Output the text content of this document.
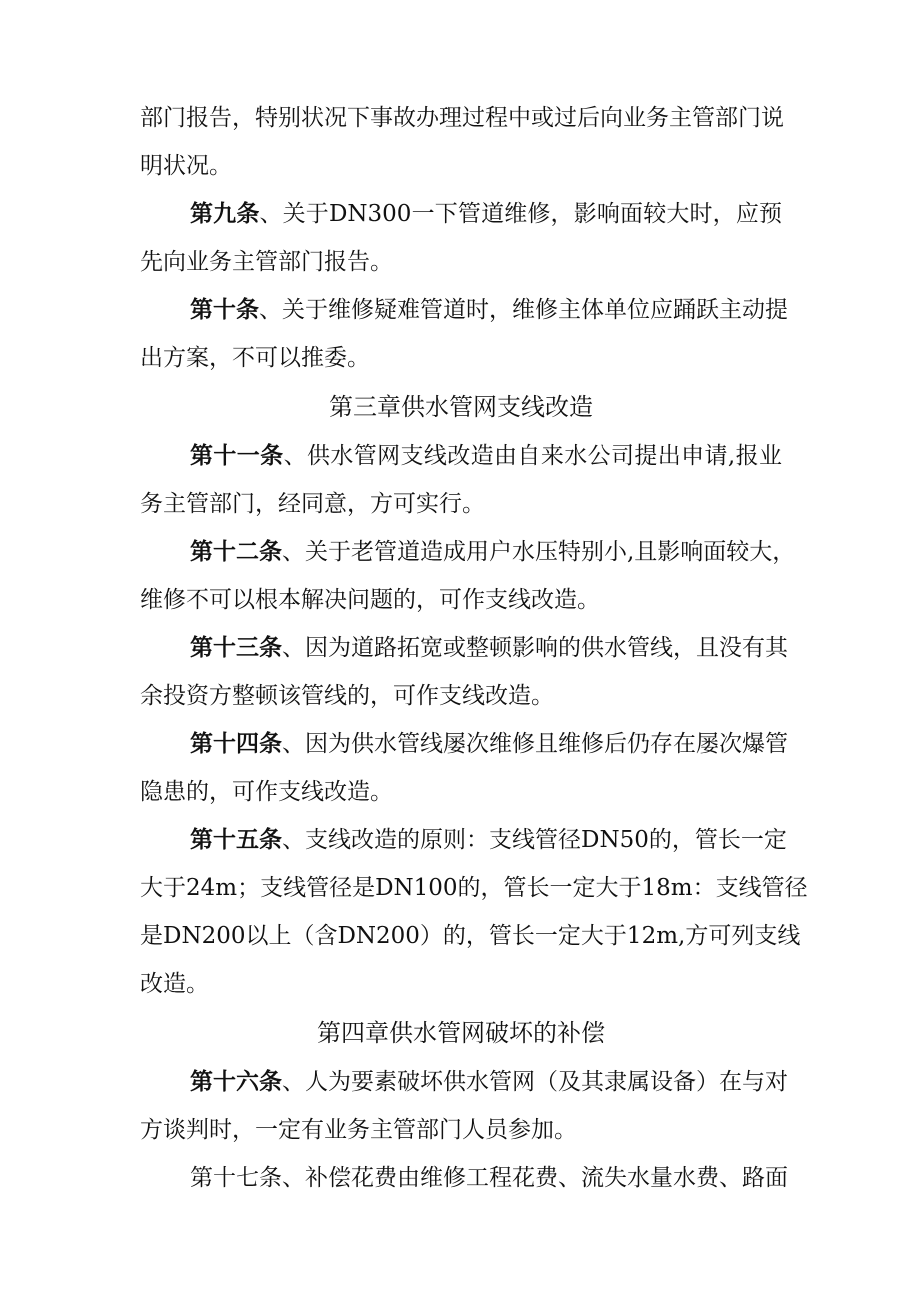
部门报告，特别状况下事故办理过程中或过后向业务主管部门说
明状况。
第九条、关于DN300一下管道维修，影响面较大时，应预
先向业务主管部门报告。
第十条、关于维修疑难管道时，维修主体单位应踊跃主动提
出方案，不可以推委。
第三章供水管网支线改造
第十一条、供水管网支线改造由自来水公司提出申请,报业
务主管部门，经同意，方可实行。
第十二条、关于老管道造成用户水压特别小,且影响面较大，
维修不可以根本解决问题的，可作支线改造。
第十三条、因为道路拓宽或整顿影响的供水管线，且没有其
余投资方整顿该管线的，可作支线改造。
第十四条、因为供水管线屡次维修且维修后仍存在屡次爆管
隐患的，可作支线改造。
第十五条、支线改造的原则：支线管径DN50的，管长一定
大于24m；支线管径是DN100的，管长一定大于18m：支线管径
是DN200以上（含DN200）的，管长一定大于12m,方可列支线
改造。
第四章供水管网破坏的补偿
第十六条、人为要素破坏供水管网（及其隶属设备）在与对
方谈判时，一定有业务主管部门人员参加。
第十七条、补偿花费由维修工程花费、流失水量水费、路面
